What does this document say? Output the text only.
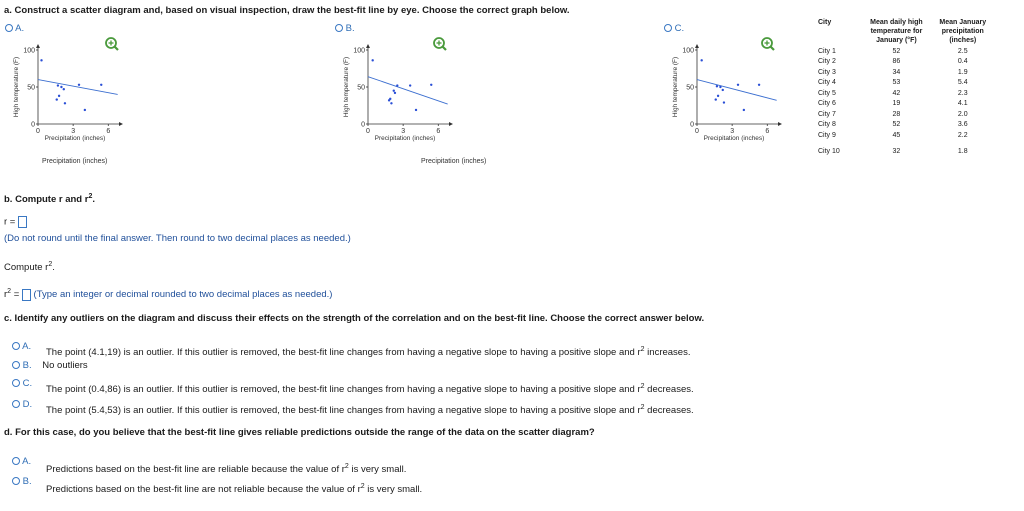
a. Construct a scatter diagram and, based on visual inspection, draw the best-fit line by eye. Choose the correct graph below.
A.	B.	C.
0
50
100
0	3	6
Precipitation (inches)
High temperature (F)
0
50
100
0	3	6
Precipitation (inches)
High temperature (F)
0
50
100
0	3	6
Precipitation (inches)
High temperature (F)
Precipitation (inches)	Precipitation (inches)
City	Mean daily high temperature for January (°F)	Mean January precipitation (inches)
City 1	52	2.5
City 2	86	0.4
City 3	34	1.9
City 4	53	5.4
City 5	42	2.3
City 6	19	4.1
City 7	28	2.0
City 8	52	3.6
City 9	45	2.2
City 10	32	1.8
b. Compute r and $r^2$.
r =
(Do not round until the final answer. Then round to two decimal places as needed.)
Compute $r^2$.
$r^2$ = (Type an integer or decimal rounded to two decimal places as needed.)
c. Identify any outliers on the diagram and discuss their effects on the strength of the correlation and on the best-fit line. Choose the correct answer below.
A.
The point (4.1,19) is an outlier. If this outlier is removed, the best-fit line changes from having a negative slope to having a positive slope and $r^2$ increases.
B. No outliers
C.
The point (0.4,86) is an outlier. If this outlier is removed, the best-fit line changes from having a negative slope to having a positive slope and $r^2$ decreases.
D.
The point (5.4,53) is an outlier. If this outlier is removed, the best-fit line changes from having a negative slope to having a positive slope and $r^2$ decreases.
d. For this case, do you believe that the best-fit line gives reliable predictions outside the range of the data on the scatter diagram?
A.
Predictions based on the best-fit line are reliable because the value of $r^2$ is very small.
B.
Predictions based on the best-fit line are not reliable because the value of $r^2$ is very small.
